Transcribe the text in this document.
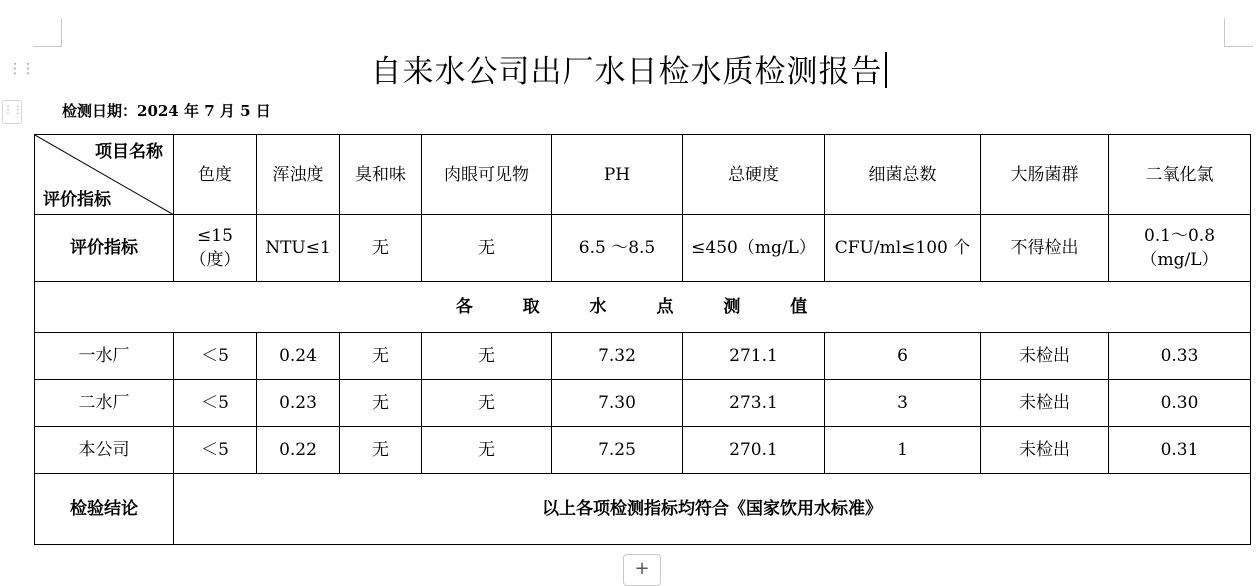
⋮⋮
⋮⋮
自来水公司出厂水日检水质检测报告
检测日期：2024 年 7 月 5 日
项目名称
评价指标	色度	浑浊度	臭和味	肉眼可见物	PH	总硬度	细菌总数	大肠菌群	二氧化氯
评价指标	≤15（度）	NTU≤1	无	无	6.5 ～8.5	≤450（mg/L）	CFU/ml≤100 个	不得检出	0.1～0.8（mg/L）
各 取 水 点 测 值									
一水厂	＜5	0.24	无	无	7.32	271.1	6	未检出	0.33
二水厂	＜5	0.23	无	无	7.30	273.1	3	未检出	0.30
本公司	＜5	0.22	无	无	7.25	270.1	1	未检出	0.31
检验结论	以上各项检测指标均符合《国家饮用水标准》								
+
